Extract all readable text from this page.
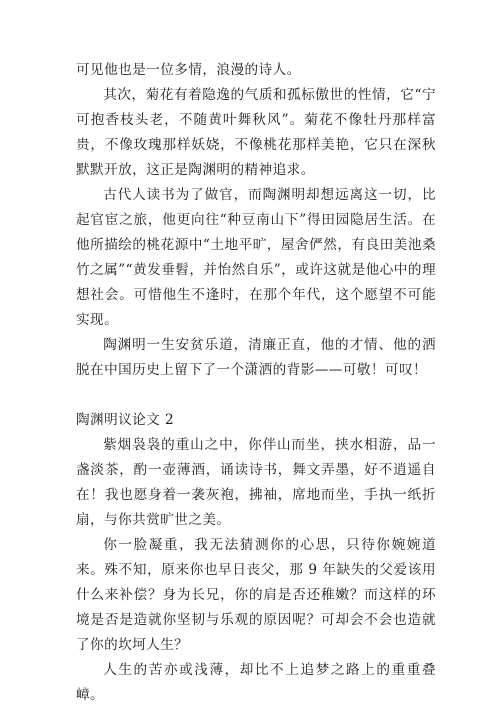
可见他也是一位多情，浪漫的诗人。

其次，菊花有着隐逸的气质和孤标傲世的性情，它“宁可抱香枝头老，不随黄叶舞秋风”。菊花不像牡丹那样富贵，不像玫瑰那样妖娆，不像桃花那样美艳，它只在深秋默默开放，这正是陶渊明的精神追求。

古代人读书为了做官，而陶渊明却想远离这一切，比起官宦之旅，他更向往“种豆南山下”得田园隐居生活。在他所描绘的桃花源中“土地平旷，屋舍俨然，有良田美池桑竹之属”“黄发垂髫，并怡然自乐”，或许这就是他心中的理想社会。可惜他生不逢时，在那个年代，这个愿望不可能实现。

陶渊明一生安贫乐道，清廉正直，他的才情、他的洒脱在中国历史上留下了一个潇洒的背影——可敬！可叹！

陶渊明议论文 2

紫烟袅袅的重山之中，你伴山而坐，挟水相游，品一盏淡茶，酌一壶薄酒，诵读诗书，舞文弄墨，好不逍遥自在！我也愿身着一袭灰袍，拂袖，席地而坐，手执一纸折扇，与你共赏旷世之美。

你一脸凝重，我无法猜测你的心思，只待你婉婉道来。殊不知，原来你也早日丧父，那 9 年缺失的父爱该用什么来补偿？身为长兄，你的肩是否还稚嫩？而这样的环境是否是造就你坚韧与乐观的原因呢？可却会不会也造就了你的坎坷人生？

人生的苦亦或浅薄，却比不上追梦之路上的重重叠嶂。
